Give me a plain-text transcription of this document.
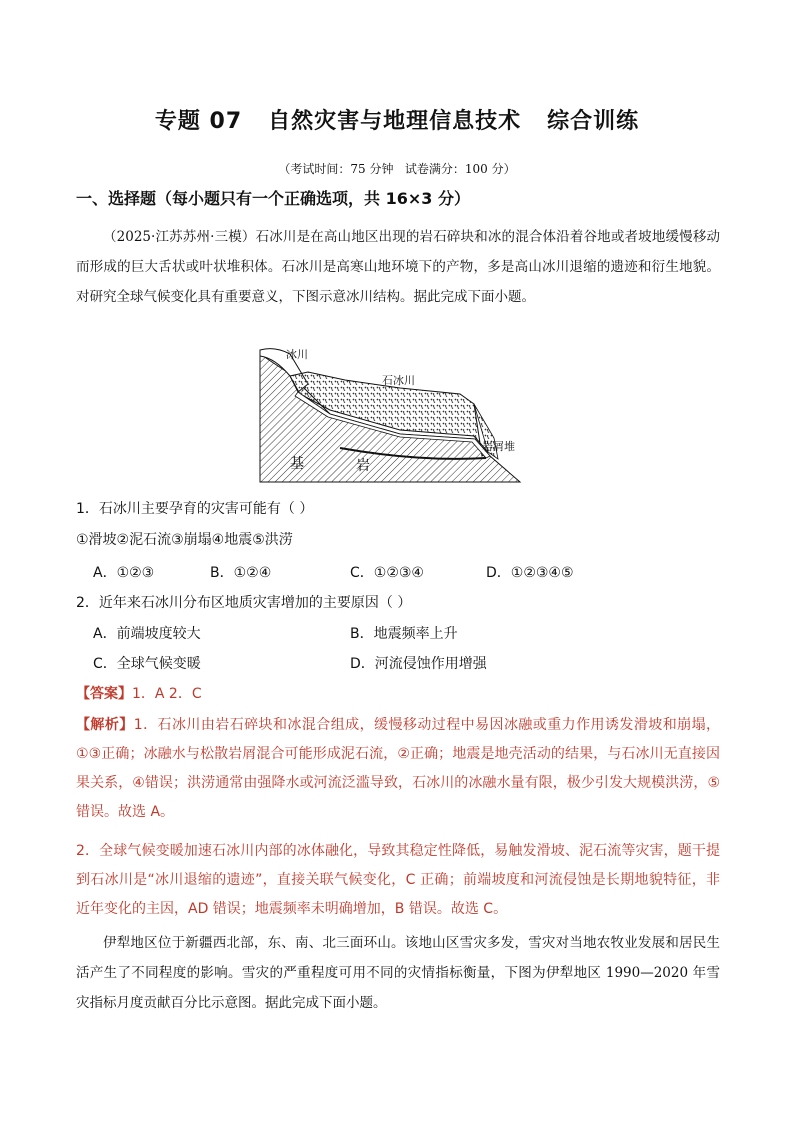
专题 07   自然灾害与地理信息技术   综合训练
（考试时间：75 分钟   试卷满分：100 分）
一、选择题（每小题只有一个正确选项，共 16×3 分）
（2025·江苏苏州·三模）石冰川是在高山地区出现的岩石碎块和冰的混合体沿着谷地或者坡地缓慢移动而形成的巨大舌状或叶状堆积体。石冰川是高寒山地环境下的产物，多是高山冰川退缩的遗迹和衍生地貌。对研究全球气候变化具有重要意义，下图示意冰川结构。据此完成下面小题。
冰川
石冰川
岩屑堆
基	岩
1．石冰川主要孕育的灾害可能有（ ）
①滑坡②泥石流③崩塌④地震⑤洪涝
A．①②③	B．①②④	C．①②③④	D．①②③④⑤
2．近年来石冰川分布区地质灾害增加的主要原因（ ）
A．前端坡度较大	B．地震频率上升
C．全球气候变暖	D．河流侵蚀作用增强
【答案】1．A 2．C
【解析】1．石冰川由岩石碎块和冰混合组成，缓慢移动过程中易因冰融或重力作用诱发滑坡和崩塌，①③正确；冰融水与松散岩屑混合可能形成泥石流，②正确；地震是地壳活动的结果，与石冰川无直接因果关系，④错误；洪涝通常由强降水或河流泛滥导致，石冰川的冰融水量有限，极少引发大规模洪涝，⑤错误。故选 A。
2．全球气候变暖加速石冰川内部的冰体融化，导致其稳定性降低，易触发滑坡、泥石流等灾害，题干提到石冰川是“冰川退缩的遗迹”，直接关联气候变化，C 正确；前端坡度和河流侵蚀是长期地貌特征，非近年变化的主因，AD 错误；地震频率未明确增加，B 错误。故选 C。
伊犁地区位于新疆西北部，东、南、北三面环山。该地山区雪灾多发，雪灾对当地农牧业发展和居民生活产生了不同程度的影响。雪灾的严重程度可用不同的灾情指标衡量，下图为伊犁地区 1990—2020 年雪灾指标月度贡献百分比示意图。据此完成下面小题。
